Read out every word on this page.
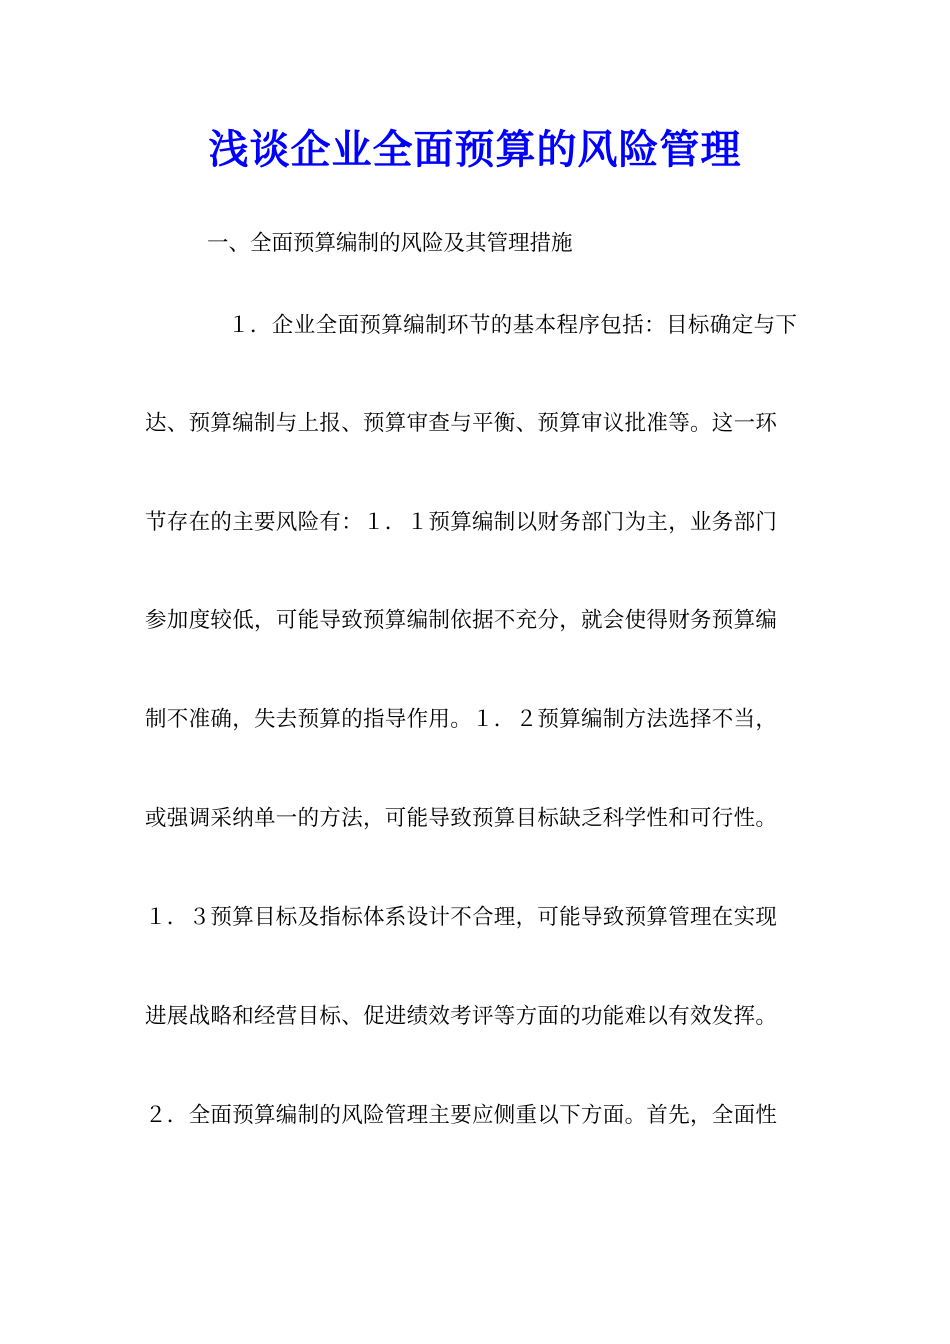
浅谈企业全面预算的风险管理
一、全面预算编制的风险及其管理措施
１．企业全面预算编制环节的基本程序包括：目标确定与下
达、预算编制与上报、预算审查与平衡、预算审议批准等。这一环
节存在的主要风险有：１．１预算编制以财务部门为主，业务部门
参加度较低，可能导致预算编制依据不充分，就会使得财务预算编
制不准确，失去预算的指导作用。１．２预算编制方法选择不当，
或强调采纳单一的方法，可能导致预算目标缺乏科学性和可行性。
１．３预算目标及指标体系设计不合理，可能导致预算管理在实现
进展战略和经营目标、促进绩效考评等方面的功能难以有效发挥。
２．全面预算编制的风险管理主要应侧重以下方面。首先，全面性
